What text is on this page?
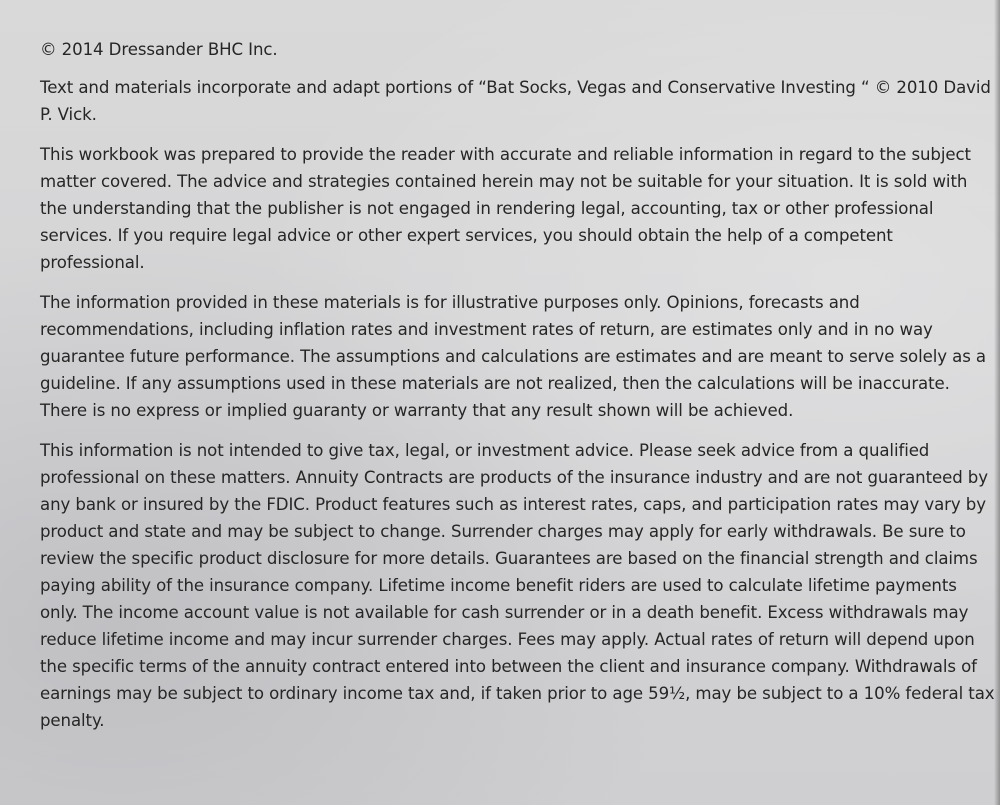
© 2014 Dressander BHC Inc.

Text and materials incorporate and adapt portions of “Bat Socks, Vegas and Conservative Investing “ © 2010 David P. Vick.

This workbook was prepared to provide the reader with accurate and reliable information in regard to the subject matter covered. The advice and strategies contained herein may not be suitable for your situation. It is sold with the understanding that the publisher is not engaged in rendering legal, accounting, tax or other professional services. If you require legal advice or other expert services, you should obtain the help of a competent professional.

The information provided in these materials is for illustrative purposes only. Opinions, forecasts and recommendations, including inflation rates and investment rates of return, are estimates only and in no way guarantee future performance. The assumptions and calculations are estimates and are meant to serve solely as a guideline. If any assumptions used in these materials are not realized, then the calculations will be inaccurate. There is no express or implied guaranty or warranty that any result shown will be achieved.

This information is not intended to give tax, legal, or investment advice. Please seek advice from a qualified professional on these matters. Annuity Contracts are products of the insurance industry and are not guaranteed by any bank or insured by the FDIC. Product features such as interest rates, caps, and participation rates may vary by product and state and may be subject to change. Surrender charges may apply for early withdrawals. Be sure to review the specific product disclosure for more details. Guarantees are based on the financial strength and claims paying ability of the insurance company. Lifetime income benefit riders are used to calculate lifetime payments only. The income account value is not available for cash surrender or in a death benefit. Excess withdrawals may reduce lifetime income and may incur surrender charges. Fees may apply. Actual rates of return will depend upon the specific terms of the annuity contract entered into between the client and insurance company. Withdrawals of earnings may be subject to ordinary income tax and, if taken prior to age 59½, may be subject to a 10% federal tax penalty.
